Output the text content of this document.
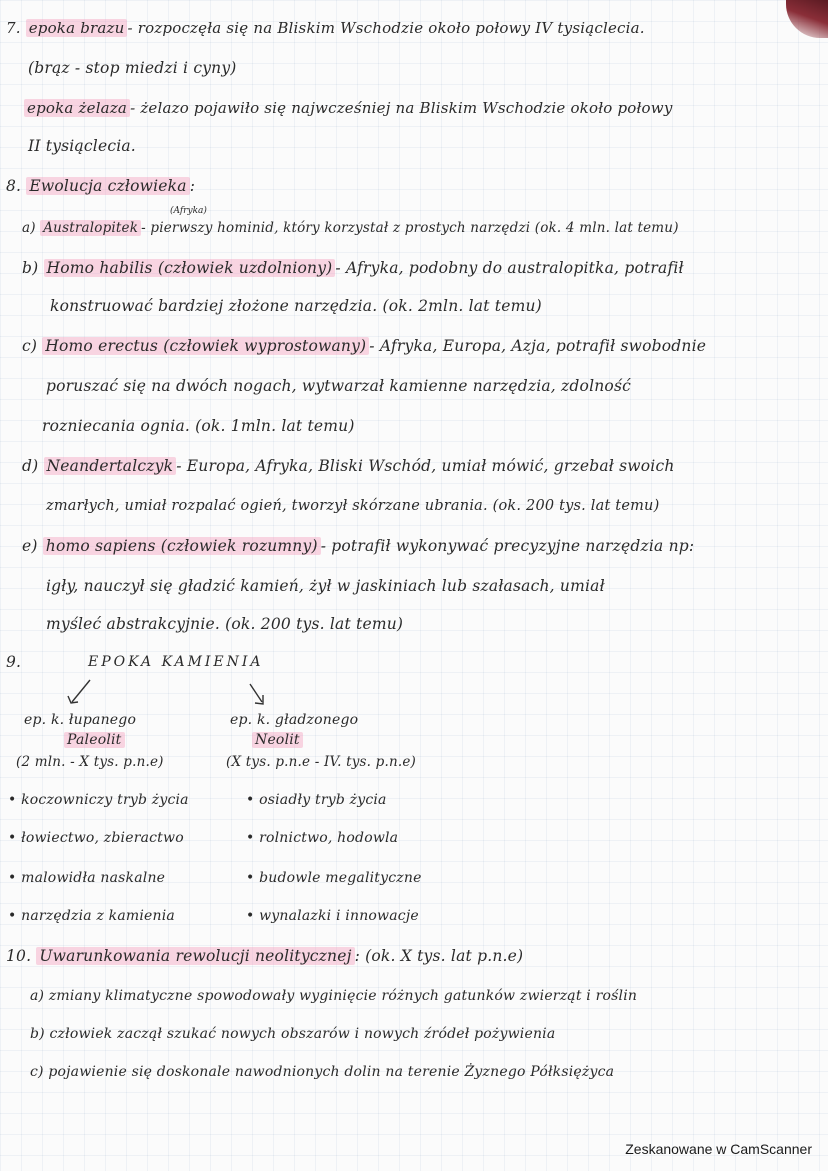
7. epoka brazu - rozpoczęła się na Bliskim Wschodzie około połowy IV tysiąclecia.
(brąz - stop miedzi i cyny)
epoka żelaza - żelazo pojawiło się najwcześniej na Bliskim Wschodzie około połowy
II tysiąclecia.
8. Ewolucja człowieka :
(Afryka)
a) Australopitek - pierwszy hominid, który korzystał z prostych narzędzi (ok. 4 mln. lat temu)
b) Homo habilis (człowiek uzdolniony) - Afryka, podobny do australopitka, potrafił
konstruować bardziej złożone narzędzia. (ok. 2mln. lat temu)
c) Homo erectus (człowiek wyprostowany) - Afryka, Europa, Azja, potrafił swobodnie
poruszać się na dwóch nogach, wytwarzał kamienne narzędzia, zdolność
rozniecania ognia. (ok. 1mln. lat temu)
d) Neandertalczyk - Europa, Afryka, Bliski Wschód, umiał mówić, grzebał swoich
zmarłych, umiał rozpalać ogień, tworzył skórzane ubrania. (ok. 200 tys. lat temu)
e) homo sapiens (człowiek rozumny) - potrafił wykonywać precyzyjne narzędzia np:
igły, nauczył się gładzić kamień, żył w jaskiniach lub szałasach, umiał
myśleć abstrakcyjnie. (ok. 200 tys. lat temu)
9.	EPOKA KAMIENIA
ep. k. łupanego
Paleolit
(2 mln. - X tys. p.n.e)
• koczowniczy tryb życia
• łowiectwo, zbieractwo
• malowidła naskalne
• narzędzia z kamienia
ep. k. gładzonego
Neolit
(X tys. p.n.e - IV. tys. p.n.e)
• osiadły tryb życia
• rolnictwo, hodowla
• budowle megalityczne
• wynalazki i innowacje
10. Uwarunkowania rewolucji neolitycznej : (ok. X tys. lat p.n.e)
a) zmiany klimatyczne spowodowały wyginięcie różnych gatunków zwierząt i roślin
b) człowiek zaczął szukać nowych obszarów i nowych źródeł pożywienia
c) pojawienie się doskonale nawodnionych dolin na terenie Żyznego Półksiężyca
Zeskanowane w CamScanner
